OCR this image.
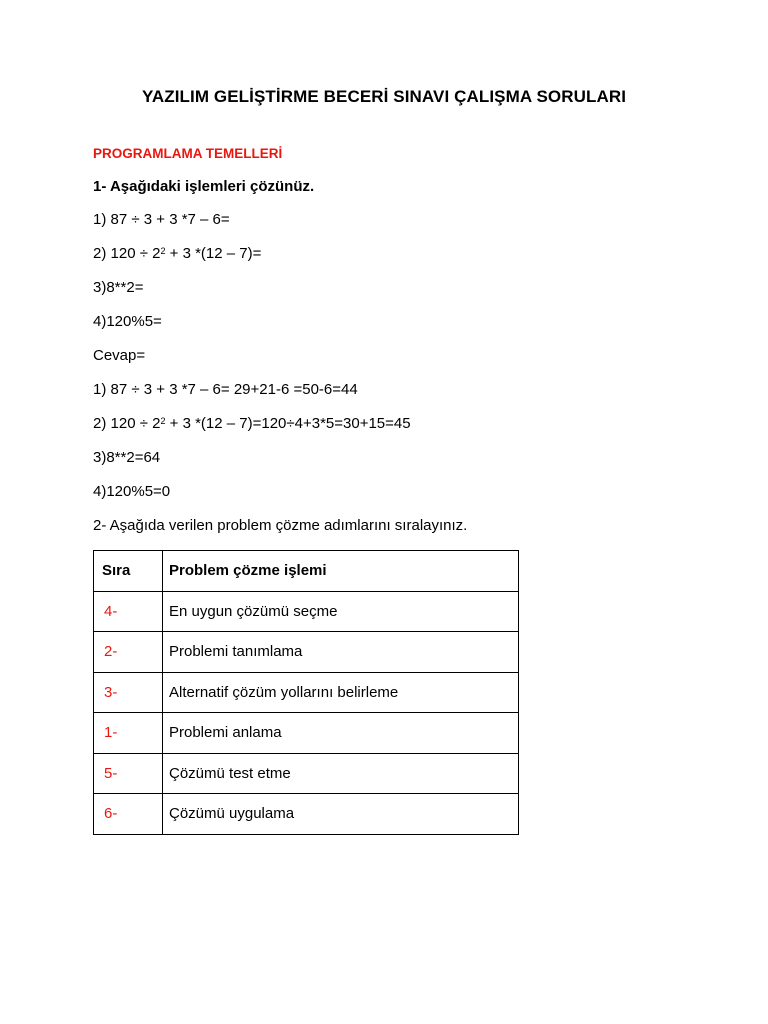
YAZILIM GELİŞTİRME BECERİ SINAVI ÇALIŞMA SORULARI
PROGRAMLAMA TEMELLERİ
1- Aşağıdaki işlemleri çözünüz.
1) 87 ÷ 3 + 3 *7 – 6=
2) $120 \div 2^2 + 3$ *(12 – 7)=
3)8**2=
4)120%5=
Cevap=
1) 87 ÷ 3 + 3 *7 – 6= 29+21-6 =50-6=44
2) $120 \div 2^2 + 3$ *(12 – 7)=120÷4+3*5=30+15=45
3)8**2=64
4)120%5=0
2- Aşağıda verilen problem çözme adımlarını sıralayınız.
Sıra	Problem çözme işlemi
4-	En uygun çözümü seçme
2-	Problemi tanımlama
3-	Alternatif çözüm yollarını belirleme
1-	Problemi anlama
5-	Çözümü test etme
6-	Çözümü uygulama
